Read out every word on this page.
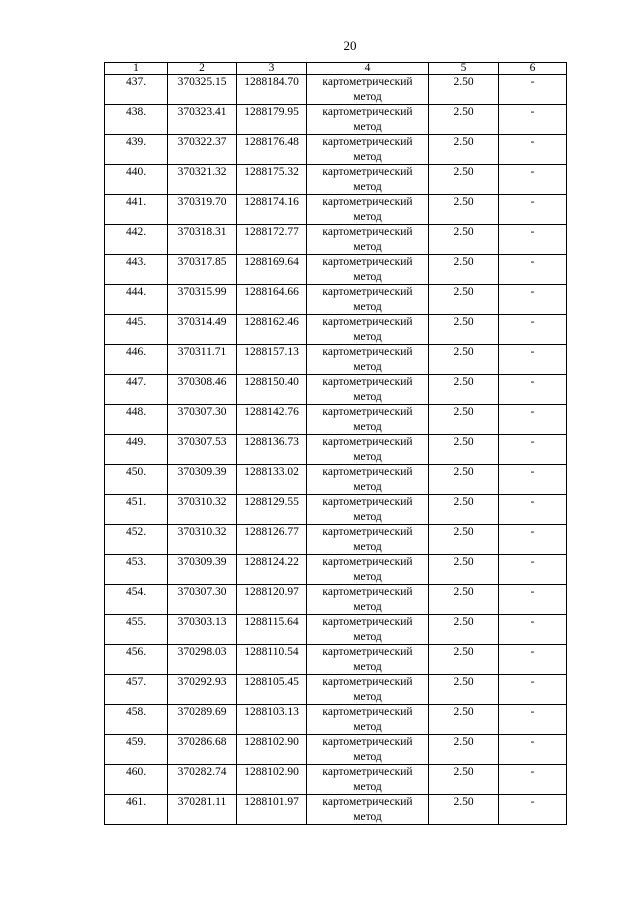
20
1	2	3	4	5	6
437.	370325.15	1288184.70	картометрический метод	2.50	-
438.	370323.41	1288179.95	картометрический метод	2.50	-
439.	370322.37	1288176.48	картометрический метод	2.50	-
440.	370321.32	1288175.32	картометрический метод	2.50	-
441.	370319.70	1288174.16	картометрический метод	2.50	-
442.	370318.31	1288172.77	картометрический метод	2.50	-
443.	370317.85	1288169.64	картометрический метод	2.50	-
444.	370315.99	1288164.66	картометрический метод	2.50	-
445.	370314.49	1288162.46	картометрический метод	2.50	-
446.	370311.71	1288157.13	картометрический метод	2.50	-
447.	370308.46	1288150.40	картометрический метод	2.50	-
448.	370307.30	1288142.76	картометрический метод	2.50	-
449.	370307.53	1288136.73	картометрический метод	2.50	-
450.	370309.39	1288133.02	картометрический метод	2.50	-
451.	370310.32	1288129.55	картометрический метод	2.50	-
452.	370310.32	1288126.77	картометрический метод	2.50	-
453.	370309.39	1288124.22	картометрический метод	2.50	-
454.	370307.30	1288120.97	картометрический метод	2.50	-
455.	370303.13	1288115.64	картометрический метод	2.50	-
456.	370298.03	1288110.54	картометрический метод	2.50	-
457.	370292.93	1288105.45	картометрический метод	2.50	-
458.	370289.69	1288103.13	картометрический метод	2.50	-
459.	370286.68	1288102.90	картометрический метод	2.50	-
460.	370282.74	1288102.90	картометрический метод	2.50	-
461.	370281.11	1288101.97	картометрический метод	2.50	-
